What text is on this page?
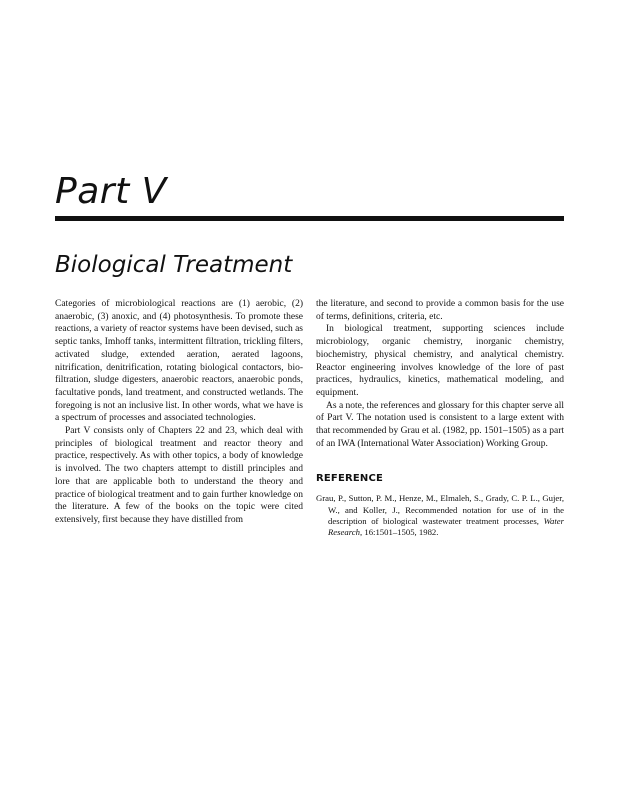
Part V
Biological Treatment

Categories of microbiological reactions are (1) aerobic, (2) anaerobic, (3) anoxic, and (4) photosynthesis. To promote these reactions, a variety of reactor systems have been devised, such as septic tanks, Imhoff tanks, intermittent filtration, trickling filters, activated sludge, extended aeration, aerated lagoons, nitrification, denitrification, rotating biological contactors, bio-filtration, sludge digesters, anaerobic reactors, anaerobic ponds, facultative ponds, land treatment, and constructed wetlands. The foregoing is not an inclusive list. In other words, what we have is a spectrum of processes and associated technologies.

Part V consists only of Chapters 22 and 23, which deal with principles of biological treatment and reactor theory and practice, respectively. As with other topics, a body of knowledge is involved. The two chapters attempt to distill principles and lore that are applicable both to understand the theory and practice of biological treatment and to gain further knowledge on the literature. A few of the books on the topic were cited extensively, first because they have distilled from

the literature, and second to provide a common basis for the use of terms, definitions, criteria, etc.

In biological treatment, supporting sciences include microbiology, organic chemistry, inorganic chemistry, biochemistry, physical chemistry, and analytical chemistry. Reactor engineering involves knowledge of the lore of past practices, hydraulics, kinetics, mathematical modeling, and equipment.

As a note, the references and glossary for this chapter serve all of Part V. The notation used is consistent to a large extent with that recommended by Grau et al. (1982, pp. 1501–1505) as a part of an IWA (International Water Association) Working Group.

REFERENCE

Grau, P., Sutton, P. M., Henze, M., Elmaleh, S., Grady, C. P. L., Gujer, W., and Koller, J., Recommended notation for use of in the description of biological wastewater treatment processes, Water Research, 16:1501–1505, 1982.
